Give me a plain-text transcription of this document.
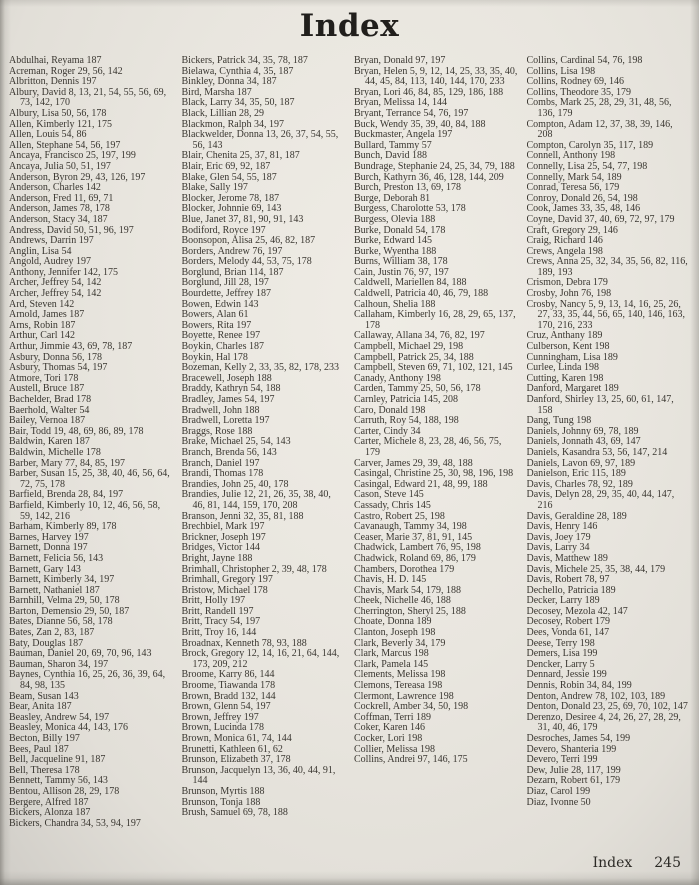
Index
Abdulhai, Reyama 187
Acreman, Roger 29, 56, 142
Albritton, Dennis 197
Albury, David 8, 13, 21, 54, 55, 56, 69, 73, 142, 170
Albury, Lisa 50, 56, 178
Allen, Kimberly 121, 175
Allen, Louis 54, 86
Allen, Stephane 54, 56, 197
Ancaya, Francisco 25, 197, 199
Ancaya, Julia 50, 51, 197
Anderson, Byron 29, 43, 126, 197
Anderson, Charles 142
Anderson, Fred 11, 69, 71
Anderson, James 78, 178
Anderson, Stacy 34, 187
Andress, David 50, 51, 96, 197
Andrews, Darrin 197
Anglin, Lisa 54
Angold, Audrey 197
Anthony, Jennifer 142, 175
Archer, Jeffrey 54, 142
Archer, Jeffrey 54, 142
Ard, Steven 142
Arnold, James 187
Arns, Robin 187
Arthur, Carl 142
Arthur, Jimmie 43, 69, 78, 187
Asbury, Donna 56, 178
Asbury, Thomas 54, 197
Atmore, Tori 178
Austell, Bruce 187
Bachelder, Brad 178
Baerhold, Walter 54
Bailey, Vernoa 187
Bair, Todd 19, 48, 69, 86, 89, 178
Baldwin, Karen 187
Baldwin, Michelle 178
Barber, Mary 77, 84, 85, 197
Barber, Susan 15, 25, 38, 40, 46, 56, 64, 72, 75, 178
Barfield, Brenda 28, 84, 197
Barfield, Kimberly 10, 12, 46, 56, 58, 59, 142, 216
Barham, Kimberly 89, 178
Barnes, Harvey 197
Barnett, Donna 197
Barnett, Felicia 56, 143
Barnett, Gary 143
Barnett, Kimberly 34, 197
Barnett, Nathaniel 187
Barnhill, Velma 29, 50, 178
Barton, Demensio 29, 50, 187
Bates, Dianne 56, 58, 178
Bates, Zan 2, 83, 187
Baty, Douglas 187
Bauman, Daniel 20, 69, 70, 96, 143
Bauman, Sharon 34, 197
Baynes, Cynthia 16, 25, 26, 36, 39, 64, 84, 98, 135
Beam, Susan 143
Bear, Anita 187
Beasley, Andrew 54, 197
Beasley, Monica 44, 143, 176
Becton, Billy 197
Bees, Paul 187
Bell, Jacqueline 91, 187
Bell, Theresa 178
Bennett, Tammy 56, 143
Bentou, Allison 28, 29, 178
Bergere, Alfred 187
Bickers, Alonza 187
Bickers, Chandra 34, 53, 94, 197
Bickers, Patrick 34, 35, 78, 187
Bielawa, Cynthia 4, 35, 187
Binkley, Donna 34, 187
Bird, Marsha 187
Black, Larry 34, 35, 50, 187
Black, Lillian 28, 29
Blackmon, Ralph 34, 197
Blackwelder, Donna 13, 26, 37, 54, 55, 56, 143
Blair, Chenita 25, 37, 81, 187
Blair, Eric 69, 92, 187
Blake, Glen 54, 55, 187
Blake, Sally 197
Blocker, Jerome 78, 187
Blocker, Johnnie 69, 143
Blue, Janet 37, 81, 90, 91, 143
Bodiford, Royce 197
Boonsopon, Alisa 25, 46, 82, 187
Borders, Andrew 76, 197
Borders, Melody 44, 53, 75, 178
Borglund, Brian 114, 187
Borglund, Jill 28, 197
Bourdette, Jeffrey 187
Bowen, Edwin 143
Bowers, Alan 61
Bowers, Rita 197
Boyette, Renee 197
Boykin, Charles 187
Boykin, Hal 178
Bozeman, Kelly 2, 33, 35, 82, 178, 233
Bracewell, Joseph 188
Braddy, Kathryn 54, 188
Bradley, James 54, 197
Bradwell, John 188
Bradwell, Loretta 197
Braggs, Rose 188
Brake, Michael 25, 54, 143
Branch, Brenda 56, 143
Branch, Daniel 197
Brandi, Thomas 178
Brandies, John 25, 40, 178
Brandies, Julie 12, 21, 26, 35, 38, 40, 46, 81, 144, 159, 170, 208
Branson, Jenni 32, 35, 81, 188
Brechbiel, Mark 197
Brickner, Joseph 197
Bridges, Victor 144
Bright, Jayne 188
Brimhall, Christopher 2, 39, 48, 178
Brimhall, Gregory 197
Bristow, Michael 178
Britt, Holly 197
Britt, Randell 197
Britt, Tracy 54, 197
Britt, Troy 16, 144
Broadnax, Kenneth 78, 93, 188
Brock, Gregory 12, 14, 16, 21, 64, 144, 173, 209, 212
Broome, Karry 86, 144
Broome, Tiawanda 178
Brown, Bradd 132, 144
Brown, Glenn 54, 197
Brown, Jeffrey 197
Brown, Lucinda 178
Brown, Monica 61, 74, 144
Brunetti, Kathleen 61, 62
Brunson, Elizabeth 37, 178
Brunson, Jacquelyn 13, 36, 40, 44, 91, 144
Brunson, Myrtis 188
Brunson, Tonja 188
Brush, Samuel 69, 78, 188
Bryan, Donald 97, 197
Bryan, Helen 5, 9, 12, 14, 25, 33, 35, 40, 44, 45, 84, 113, 140, 144, 170, 233
Bryan, Lori 46, 84, 85, 129, 186, 188
Bryan, Melissa 14, 144
Bryant, Terrance 54, 76, 197
Buck, Wendy 35, 39, 40, 84, 188
Buckmaster, Angela 197
Bullard, Tammy 57
Bunch, David 188
Bundrage, Stephanie 24, 25, 34, 79, 188
Burch, Kathyrn 36, 46, 128, 144, 209
Burch, Preston 13, 69, 178
Burge, Deborah 81
Burgess, Charolotte 53, 178
Burgess, Olevia 188
Burke, Donald 54, 178
Burke, Edward 145
Burke, Wyentha 188
Burns, William 38, 178
Cain, Justin 76, 97, 197
Caldwell, Mariellen 84, 188
Caldwell, Patricia 40, 46, 79, 188
Calhoun, Shelia 188
Callaham, Kimberly 16, 28, 29, 65, 137, 178
Callaway, Allana 34, 76, 82, 197
Campbell, Michael 29, 198
Campbell, Patrick 25, 34, 188
Campbell, Steven 69, 71, 102, 121, 145
Canady, Anthony 198
Carden, Tammy 25, 50, 56, 178
Carnley, Patricia 145, 208
Caro, Donald 198
Carruth, Roy 54, 188, 198
Carter, Cindy 34
Carter, Michele 8, 23, 28, 46, 56, 75, 179
Carver, James 29, 39, 48, 188
Casingal, Christine 25, 30, 98, 196, 198
Casingal, Edward 21, 48, 99, 188
Cason, Steve 145
Cassady, Chris 145
Castro, Robert 25, 198
Cavanaugh, Tammy 34, 198
Ceaser, Marie 37, 81, 91, 145
Chadwick, Lambert 76, 95, 198
Chadwick, Roland 69, 86, 179
Chambers, Dorothea 179
Chavis, H. D. 145
Chavis, Mark 54, 179, 188
Cheek, Nichelle 46, 188
Cherrington, Sheryl 25, 188
Choate, Donna 189
Clanton, Joseph 198
Clark, Beverly 34, 179
Clark, Marcus 198
Clark, Pamela 145
Clements, Melissa 198
Clemons, Tereasa 198
Clermont, Lawrence 198
Cockrell, Amber 34, 50, 198
Coffman, Terri 189
Coker, Karen 146
Cocker, Lori 198
Collier, Melissa 198
Collins, Andrei 97, 146, 175
Collins, Cardinal 54, 76, 198
Collins, Lisa 198
Collins, Rodney 69, 146
Collins, Theodore 35, 179
Combs, Mark 25, 28, 29, 31, 48, 56, 136, 179
Compton, Adam 12, 37, 38, 39, 146, 208
Compton, Carolyn 35, 117, 189
Connell, Anthony 198
Connelly, Lisa 25, 54, 77, 198
Connelly, Mark 54, 189
Conrad, Teresa 56, 179
Conroy, Donald 26, 54, 198
Cook, James 33, 35, 48, 146
Coyne, David 37, 40, 69, 72, 97, 179
Craft, Gregory 29, 146
Craig, Richard 146
Crews, Angela 198
Crews, Anna 25, 32, 34, 35, 56, 82, 116, 189, 193
Crismon, Debra 179
Crosby, John 76, 198
Crosby, Nancy 5, 9, 13, 14, 16, 25, 26, 27, 33, 35, 44, 56, 65, 140, 146, 163, 170, 216, 233
Cruz, Anthany 189
Culberson, Kent 198
Cunningham, Lisa 189
Curlee, Linda 198
Cutting, Karen 198
Danford, Margaret 189
Danford, Shirley 13, 25, 60, 61, 147, 158
Dang, Tung 198
Daniels, Johnny 69, 78, 189
Daniels, Jonnath 43, 69, 147
Daniels, Kasandra 53, 56, 147, 214
Daniels, Lavon 69, 97, 189
Danielson, Eric 115, 189
Davis, Charles 78, 92, 189
Davis, Delyn 28, 29, 35, 40, 44, 147, 216
Davis, Geraldine 28, 189
Davis, Henry 146
Davis, Joey 179
Davis, Larry 34
Davis, Matthew 189
Davis, Michele 25, 35, 38, 44, 179
Davis, Robert 78, 97
Dechello, Patricia 189
Decker, Larry 189
Decosey, Mezola 42, 147
Decosey, Robert 179
Dees, Vonda 61, 147
Deese, Terry 198
Demers, Lisa 199
Dencker, Larry 5
Dennard, Jessie 199
Dennis, Robin 34, 84, 199
Denton, Andrew 78, 102, 103, 189
Denton, Donald 23, 25, 69, 70, 102, 147
Derenzo, Desiree 4, 24, 26, 27, 28, 29, 31, 40, 46, 179
Desroches, James 54, 199
Devero, Shanteria 199
Devero, Terri 199
Dew, Julie 28, 117, 199
Dezarn, Robert 61, 179
Diaz, Carol 199
Diaz, Ivonne 50
Index 245
